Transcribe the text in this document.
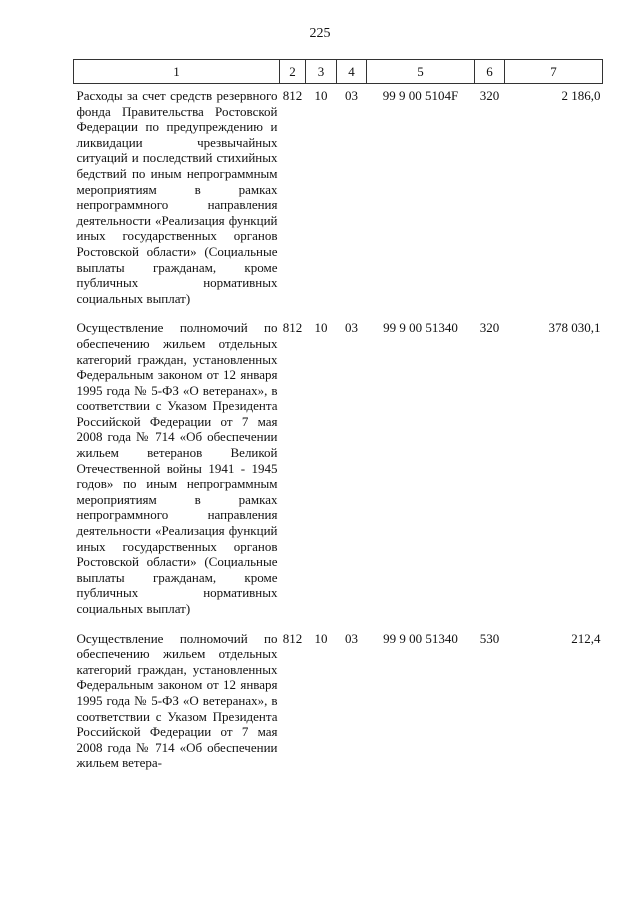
225
1	2	3	4	5	6	7
Расходы за счет средств резервного фонда Правительства Ростовской Федерации по предупреждению и ликвидации чрезвычайных ситуаций и последствий стихийных бедствий по иным непрограммным мероприятиям в рамках непрограммного направления деятельности «Реализация функций иных государственных органов Ростовской области» (Социальные выплаты гражданам, кроме публичных нормативных социальных выплат)	812	10	03	99 9 00 5104F	320	2 186,0
Осуществление полномочий по обеспечению жильем отдельных категорий граждан, установленных Федеральным законом от 12 января 1995 года № 5-ФЗ «О ветеранах», в соответствии с Указом Президента Российской Федерации от 7 мая 2008 года № 714 «Об обеспечении жильем ветеранов Великой Отечественной войны 1941 - 1945 годов» по иным непрограммным мероприятиям в рамках непрограммного направления деятельности «Реализация функций иных государственных органов Ростовской области» (Социальные выплаты гражданам, кроме публичных нормативных социальных выплат)	812	10	03	99 9 00 51340	320	378 030,1
Осуществление полномочий по обеспечению жильем отдельных категорий граждан, установленных Федеральным законом от 12 января 1995 года № 5-ФЗ «О ветеранах», в соответствии с Указом Президента Российской Федерации от 7 мая 2008 года № 714 «Об обеспечении жильем ветера-	812	10	03	99 9 00 51340	530	212,4
